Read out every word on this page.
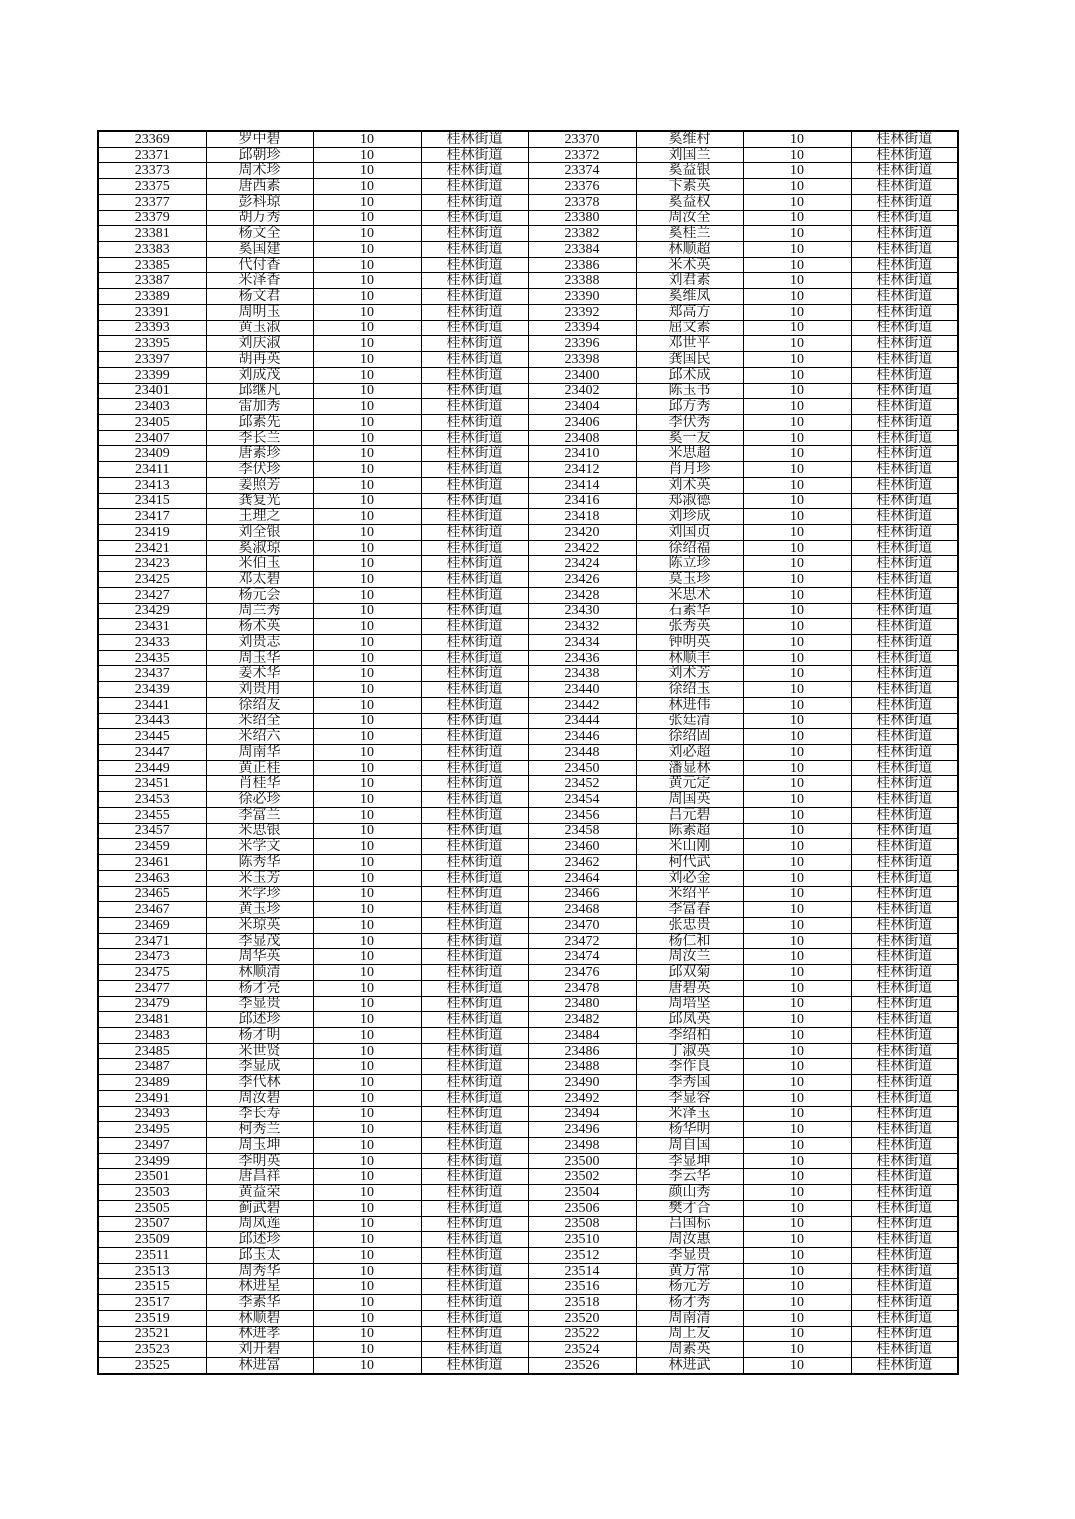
23369	罗中碧	10	桂林街道	23370	奚维村	10	桂林街道
23371	邱朝珍	10	桂林街道	23372	刘国兰	10	桂林街道
23373	周术珍	10	桂林街道	23374	奚益银	10	桂林街道
23375	唐西素	10	桂林街道	23376	卞素英	10	桂林街道
23377	彭科琼	10	桂林街道	23378	奚益权	10	桂林街道
23379	胡万秀	10	桂林街道	23380	周汝全	10	桂林街道
23381	杨文全	10	桂林街道	23382	奚桂兰	10	桂林街道
23383	奚国建	10	桂林街道	23384	林顺超	10	桂林街道
23385	代付香	10	桂林街道	23386	米术英	10	桂林街道
23387	米泽香	10	桂林街道	23388	刘君素	10	桂林街道
23389	杨文君	10	桂林街道	23390	奚维凤	10	桂林街道
23391	周明玉	10	桂林街道	23392	郑高方	10	桂林街道
23393	黄玉淑	10	桂林街道	23394	屈文素	10	桂林街道
23395	刘庆淑	10	桂林街道	23396	邓世平	10	桂林街道
23397	胡再英	10	桂林街道	23398	龚国民	10	桂林街道
23399	刘成茂	10	桂林街道	23400	邱术成	10	桂林街道
23401	邱继凡	10	桂林街道	23402	陈玉书	10	桂林街道
23403	雷加秀	10	桂林街道	23404	邱方秀	10	桂林街道
23405	邱素先	10	桂林街道	23406	李伏秀	10	桂林街道
23407	李长兰	10	桂林街道	23408	奚一友	10	桂林街道
23409	唐素珍	10	桂林街道	23410	米思超	10	桂林街道
23411	李伏珍	10	桂林街道	23412	肖月珍	10	桂林街道
23413	姜照芳	10	桂林街道	23414	刘术英	10	桂林街道
23415	龚复光	10	桂林街道	23416	郑淑德	10	桂林街道
23417	王理之	10	桂林街道	23418	刘珍成	10	桂林街道
23419	刘全银	10	桂林街道	23420	刘国贞	10	桂林街道
23421	奚淑琼	10	桂林街道	23422	徐绍福	10	桂林街道
23423	米伯玉	10	桂林街道	23424	陈立珍	10	桂林街道
23425	邓太碧	10	桂林街道	23426	莫玉珍	10	桂林街道
23427	杨元会	10	桂林街道	23428	米思术	10	桂林街道
23429	周兰秀	10	桂林街道	23430	石素华	10	桂林街道
23431	杨术英	10	桂林街道	23432	张秀英	10	桂林街道
23433	刘贵志	10	桂林街道	23434	钟明英	10	桂林街道
23435	周玉华	10	桂林街道	23436	林顺丰	10	桂林街道
23437	姜术华	10	桂林街道	23438	刘术芳	10	桂林街道
23439	刘贵用	10	桂林街道	23440	徐绍玉	10	桂林街道
23441	徐绍友	10	桂林街道	23442	林进伟	10	桂林街道
23443	米绍全	10	桂林街道	23444	张廷清	10	桂林街道
23445	米绍六	10	桂林街道	23446	徐绍固	10	桂林街道
23447	周南华	10	桂林街道	23448	刘必超	10	桂林街道
23449	黄正桂	10	桂林街道	23450	潘显林	10	桂林街道
23451	肖桂华	10	桂林街道	23452	黄元定	10	桂林街道
23453	徐必珍	10	桂林街道	23454	周国英	10	桂林街道
23455	李富兰	10	桂林街道	23456	吕元碧	10	桂林街道
23457	米思银	10	桂林街道	23458	陈素超	10	桂林街道
23459	米学文	10	桂林街道	23460	米山刚	10	桂林街道
23461	陈秀华	10	桂林街道	23462	柯代武	10	桂林街道
23463	米玉芳	10	桂林街道	23464	刘必金	10	桂林街道
23465	米学珍	10	桂林街道	23466	米绍平	10	桂林街道
23467	黄玉珍	10	桂林街道	23468	李富春	10	桂林街道
23469	米琼英	10	桂林街道	23470	张忠贵	10	桂林街道
23471	李显茂	10	桂林街道	23472	杨仁和	10	桂林街道
23473	周华英	10	桂林街道	23474	周汝兰	10	桂林街道
23475	林顺清	10	桂林街道	23476	邱双菊	10	桂林街道
23477	杨才亮	10	桂林街道	23478	唐碧英	10	桂林街道
23479	李显贵	10	桂林街道	23480	周培坚	10	桂林街道
23481	邱述珍	10	桂林街道	23482	邱凤英	10	桂林街道
23483	杨才明	10	桂林街道	23484	李绍柏	10	桂林街道
23485	米世贤	10	桂林街道	23486	丁淑英	10	桂林街道
23487	李显成	10	桂林街道	23488	李作良	10	桂林街道
23489	李代林	10	桂林街道	23490	李秀国	10	桂林街道
23491	周汝碧	10	桂林街道	23492	李显容	10	桂林街道
23493	李长寿	10	桂林街道	23494	米泽玉	10	桂林街道
23495	柯秀兰	10	桂林街道	23496	杨华明	10	桂林街道
23497	周玉坤	10	桂林街道	23498	周自国	10	桂林街道
23499	李明英	10	桂林街道	23500	李显坤	10	桂林街道
23501	唐昌祥	10	桂林街道	23502	李云华	10	桂林街道
23503	黄益荣	10	桂林街道	23504	颜山秀	10	桂林街道
23505	蓟武碧	10	桂林街道	23506	樊才合	10	桂林街道
23507	周凤莲	10	桂林街道	23508	吕国标	10	桂林街道
23509	邱述珍	10	桂林街道	23510	周汝惠	10	桂林街道
23511	邱玉太	10	桂林街道	23512	李显贵	10	桂林街道
23513	周秀华	10	桂林街道	23514	黄万常	10	桂林街道
23515	林进星	10	桂林街道	23516	杨元芳	10	桂林街道
23517	李素华	10	桂林街道	23518	杨才秀	10	桂林街道
23519	林顺碧	10	桂林街道	23520	周南清	10	桂林街道
23521	林进孝	10	桂林街道	23522	周上友	10	桂林街道
23523	刘开碧	10	桂林街道	23524	周素英	10	桂林街道
23525	林进富	10	桂林街道	23526	林进武	10	桂林街道
